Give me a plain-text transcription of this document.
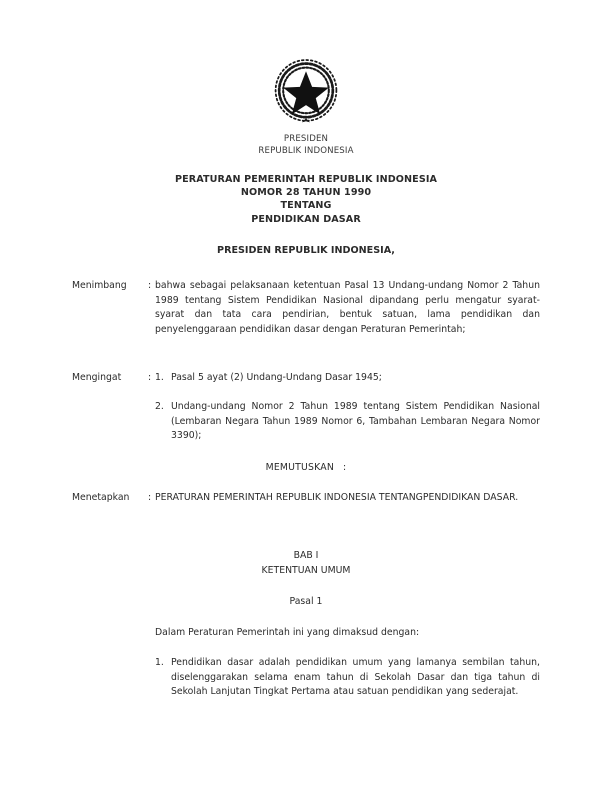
PRESIDEN
REPUBLIK INDONESIA
PERATURAN PEMERINTAH REPUBLIK INDONESIA
NOMOR 28 TAHUN 1990
TENTANG
PENDIDIKAN DASAR
PRESIDEN REPUBLIK INDONESIA,
Menimbang	: bahwa sebagai pelaksanaan ketentuan Pasal 13 Undang-undang Nomor 2 Tahun 1989 tentang Sistem Pendidikan Nasional dipandang perlu mengatur syarat-syarat dan tata cara pendirian, bentuk satuan, lama pendidikan dan penyelenggaraan pendidikan dasar dengan Peraturan Pemerintah;

Mengingat	: 1. Pasal 5 ayat (2) Undang-Undang Dasar 1945;
2. Undang-undang Nomor 2 Tahun 1989 tentang Sistem Pendidikan Nasional (Lembaran Negara Tahun 1989 Nomor 6, Tambahan Lembaran Negara Nomor 3390);
MEMUTUSKAN :
Menetapkan	: PERATURAN PEMERINTAH REPUBLIK INDONESIA TENTANGPENDIDIKAN DASAR.

BAB I
KETENTUAN UMUM
Pasal 1
Dalam Peraturan Pemerintah ini yang dimaksud dengan:
1. Pendidikan dasar adalah pendidikan umum yang lamanya sembilan tahun, diselenggarakan selama enam tahun di Sekolah Dasar dan tiga tahun di Sekolah Lanjutan Tingkat Pertama atau satuan pendidikan yang sederajat.
